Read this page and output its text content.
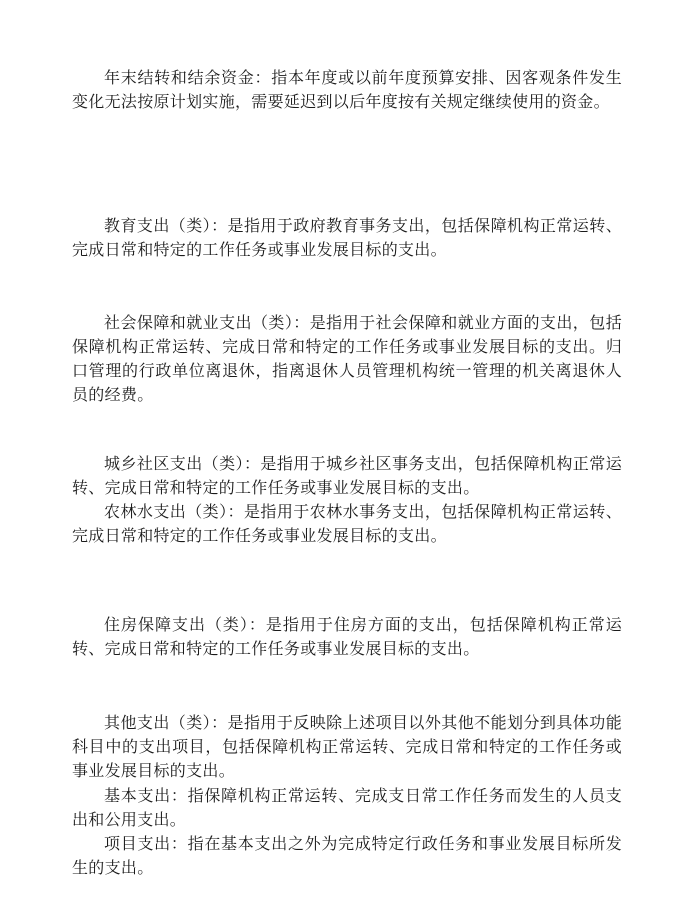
年末结转和结余资金：指本年度或以前年度预算安排、因客观条件发生变化无法按原计划实施，需要延迟到以后年度按有关规定继续使用的资金。

教育支出（类）：是指用于政府教育事务支出，包括保障机构正常运转、完成日常和特定的工作任务或事业发展目标的支出。

社会保障和就业支出（类）：是指用于社会保障和就业方面的支出，包括保障机构正常运转、完成日常和特定的工作任务或事业发展目标的支出。归口管理的行政单位离退休，指离退休人员管理机构统一管理的机关离退休人员的经费。

城乡社区支出（类）：是指用于城乡社区事务支出，包括保障机构正常运转、完成日常和特定的工作任务或事业发展目标的支出。

农林水支出（类）：是指用于农林水事务支出，包括保障机构正常运转、完成日常和特定的工作任务或事业发展目标的支出。

住房保障支出（类）：是指用于住房方面的支出，包括保障机构正常运转、完成日常和特定的工作任务或事业发展目标的支出。

其他支出（类）：是指用于反映除上述项目以外其他不能划分到具体功能科目中的支出项目，包括保障机构正常运转、完成日常和特定的工作任务或事业发展目标的支出。

基本支出：指保障机构正常运转、完成支日常工作任务而发生的人员支出和公用支出。

项目支出：指在基本支出之外为完成特定行政任务和事业发展目标所发生的支出。
